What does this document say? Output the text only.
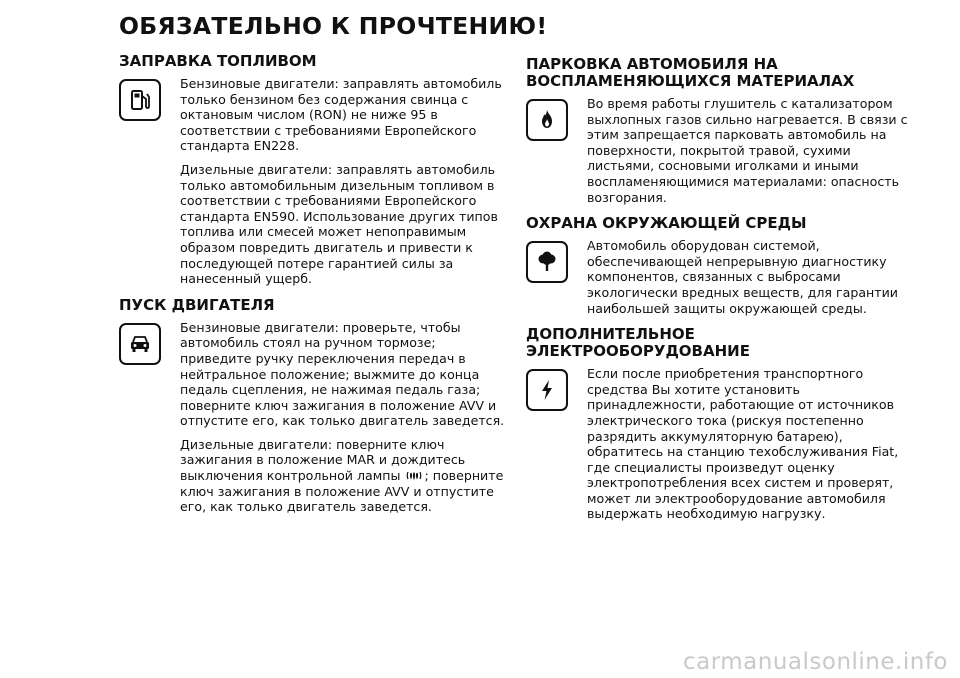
ОБЯЗАТЕЛЬНО К ПРОЧТЕНИЮ!
ЗАПРАВКА ТОПЛИВОМ
Бензиновые двигатели: заправлять автомобиль только бензином без содержания свинца с октановым числом (RON) не ниже 95 в соответствии с требованиями Европейского стандарта EN228.
Дизельные двигатели: заправлять автомобиль только автомобильным дизельным топливом в соответствии с требованиями Европейского стандарта EN590. Использование других типов топлива или смесей может непоправимым образом повредить двигатель и привести к последующей потере гарантией силы за нанесенный ущерб.
ПУСК ДВИГАТЕЛЯ
Бензиновые двигатели: проверьте, чтобы автомобиль стоял на ручном тормозе; приведите ручку переключения передач в нейтральное положение; выжмите до конца педаль сцепления, не нажимая педаль газа; поверните ключ зажигания в положение AVV и отпустите его, как только двигатель заведется.
Дизельные двигатели: поверните ключ зажигания в положение MAR и дождитесь выключения контрольной лампы ; поверните ключ зажигания в положение AVV и отпустите его, как только двигатель заведется.
ПАРКОВКА АВТОМОБИЛЯ НА ВОСПЛАМЕНЯЮЩИХСЯ МАТЕРИАЛАХ
Во время работы глушитель с катализатором выхлопных газов сильно нагревается. В связи с этим запрещается парковать автомобиль на поверхности, покрытой травой, сухими листьями, сосновыми иголками и иными воспламеняющимися материалами: опасность возгорания.
ОХРАНА ОКРУЖАЮЩЕЙ СРЕДЫ
Автомобиль оборудован системой, обеспечивающей непрерывную диагностику компонентов, связанных с выбросами экологически вредных веществ, для гарантии наибольшей защиты окружающей среды.
ДОПОЛНИТЕЛЬНОЕ ЭЛЕКТРООБОРУДОВАНИЕ
Если после приобретения транспортного средства Вы хотите установить принадлежности, работающие от источников электрического тока (рискуя постепенно разрядить аккумуляторную батарею), обратитесь на станцию техобслуживания Fiat, где специалисты произведут оценку электропотребления всех систем и проверят, может ли электрооборудование автомобиля выдержать необходимую нагрузку.
carmanualsonline.info
